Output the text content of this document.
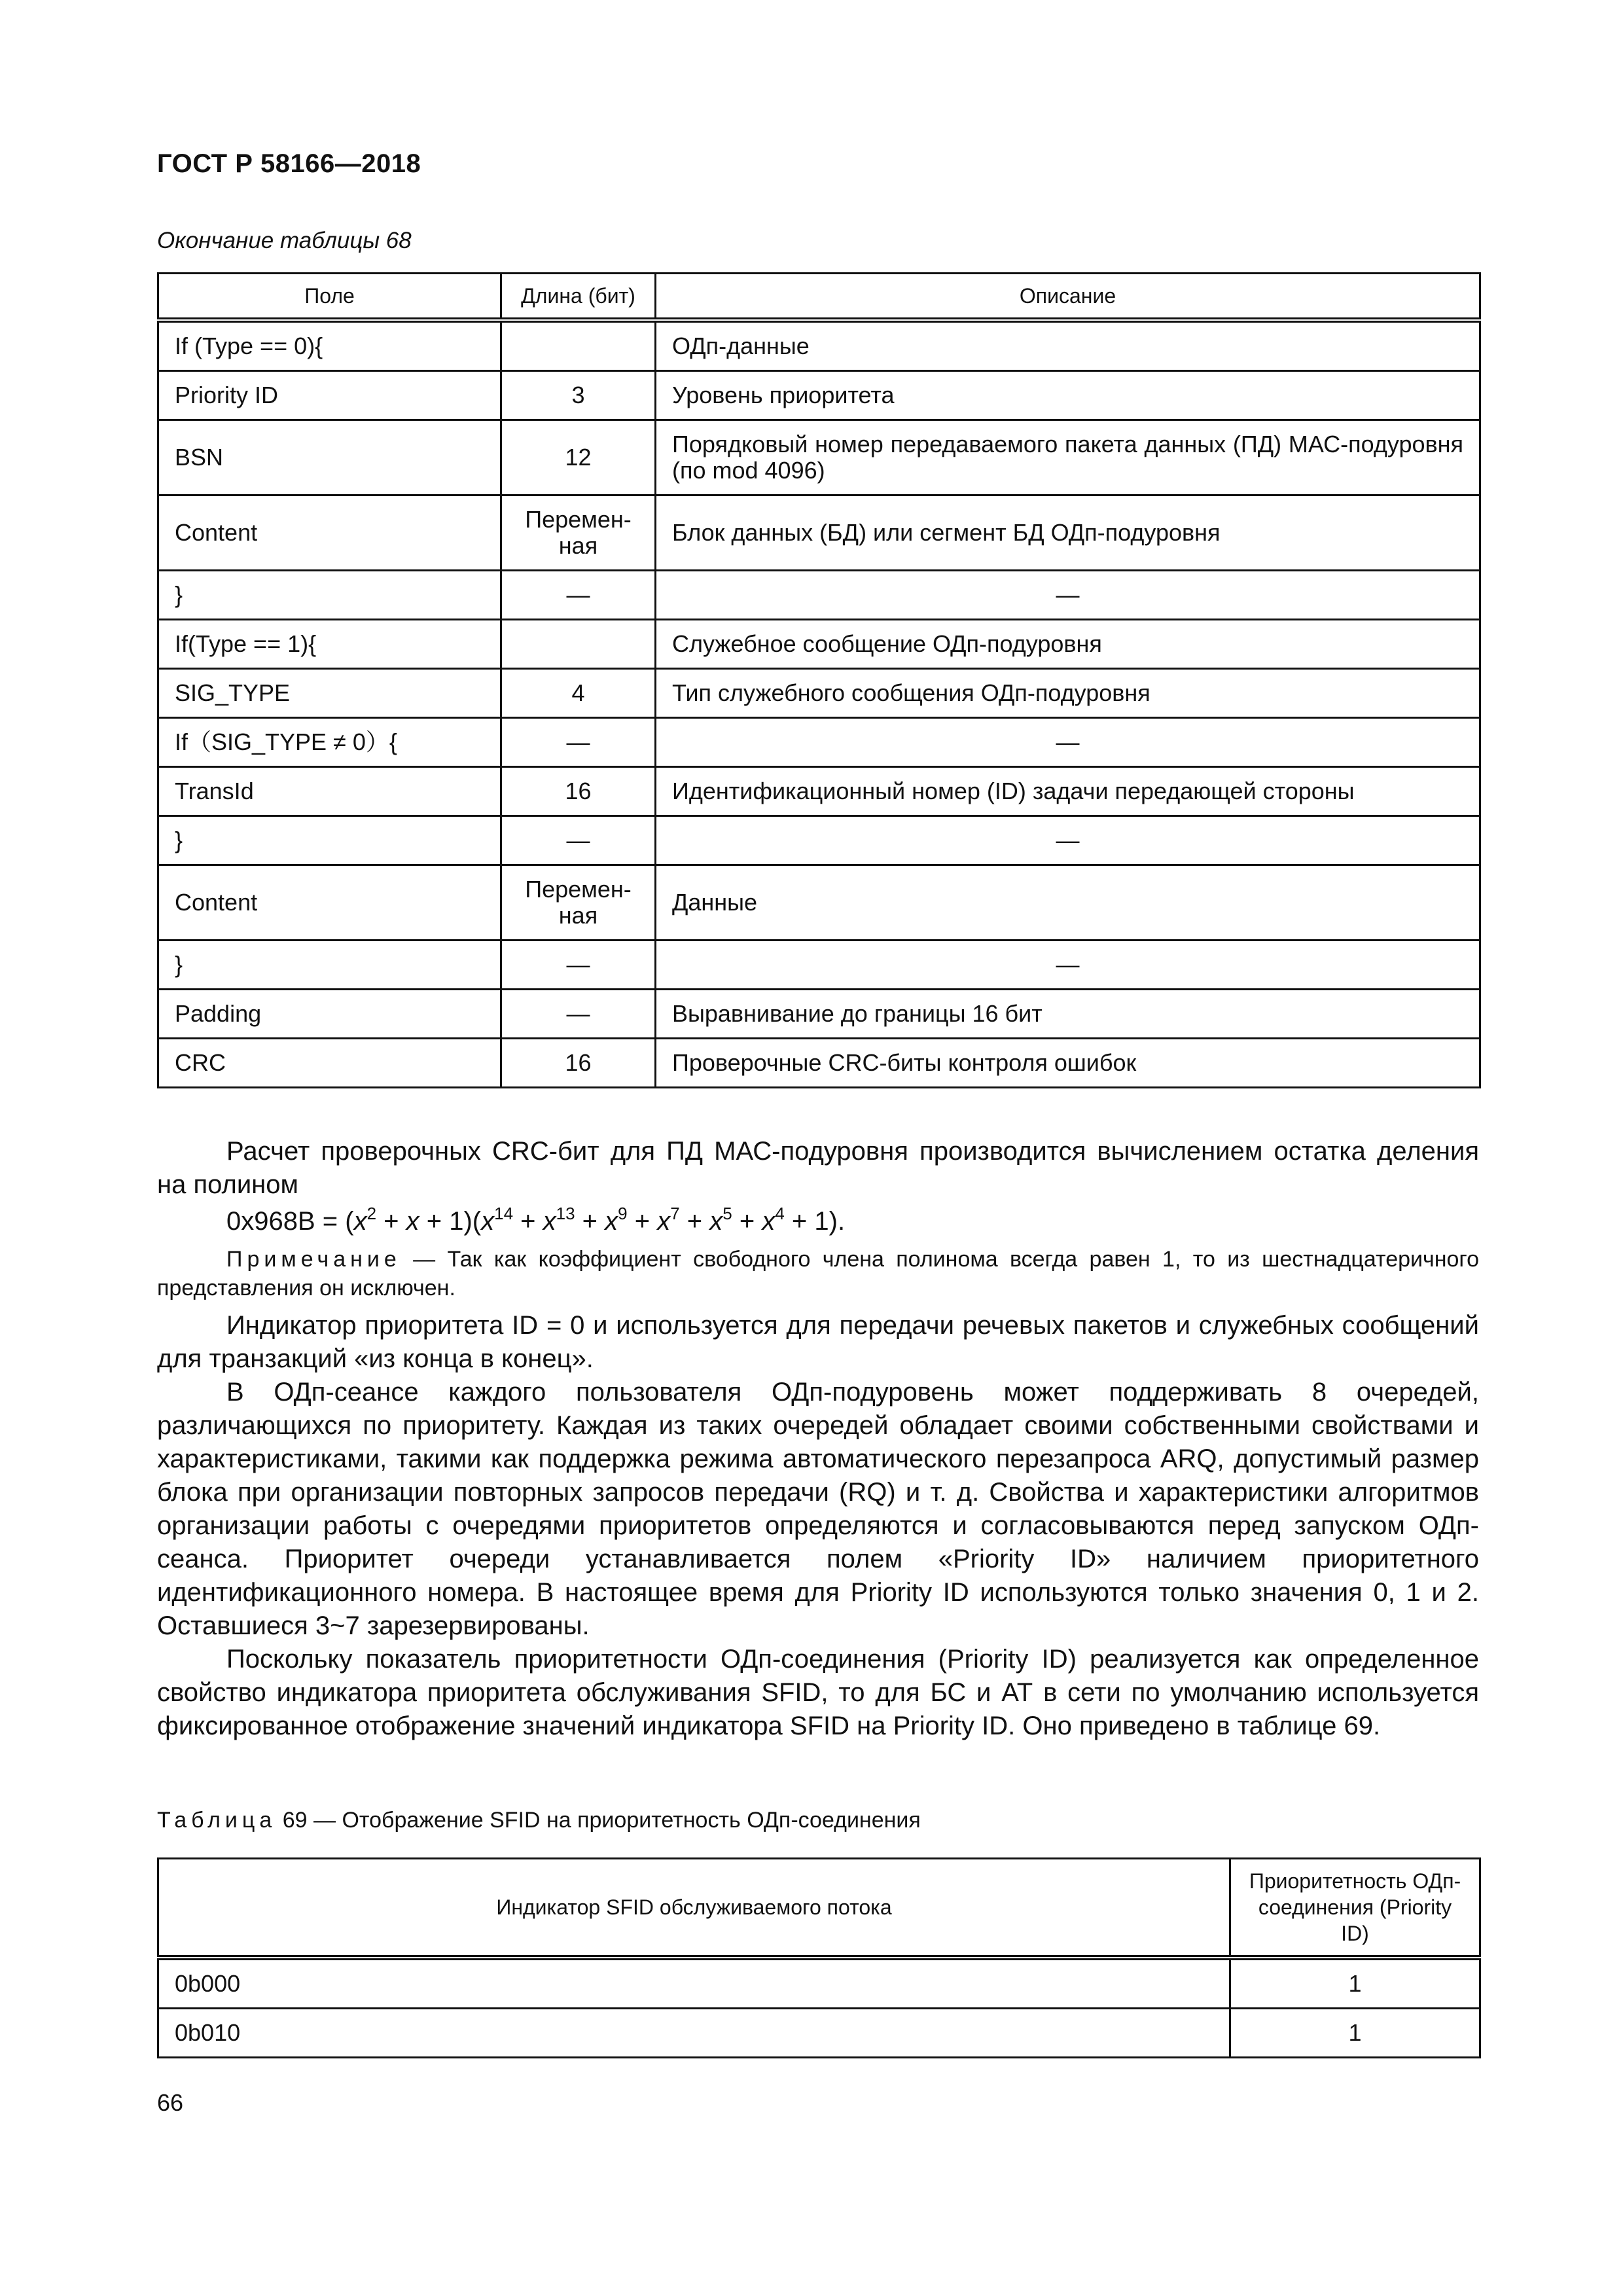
ГОСТ Р 58166—2018
Окончание таблицы 68
Поле	Длина (бит)	Описание
If (Type == 0){		ОДп-данные
Priority ID	3	Уровень приоритета
BSN	12	Порядковый номер передаваемого пакета данных (ПД) МАС-подуровня (по mod 4096)
Content	Перемен-ная	Блок данных (БД) или сегмент БД ОДп-подуровня
}	—	—
If(Type == 1){		Служебное сообщение ОДп-подуровня
SIG_TYPE	4	Тип служебного сообщения ОДп-подуровня
If（SIG_TYPE ≠ 0）{	—	—
TransId	16	Идентификационный номер (ID) задачи передающей стороны
}	—	—
Content	Перемен-ная	Данные
}	—	—
Padding	—	Выравнивание до границы 16 бит
CRC	16	Проверочные CRC-биты контроля ошибок

Расчет проверочных CRC-бит для ПД МАС-подуровня производится вычислением остатка деления на полином

$0x968B = (x^2 + x + 1)(x^{14} + x^{13} + x^9 + x^7 + x^5 + x^4 + 1)$.

Примечание — Так как коэффициент свободного члена полинома всегда равен 1, то из шестнадцатеричного представления он исключен.

Индикатор приоритета ID = 0 и используется для передачи речевых пакетов и служебных сообщений для транзакций «из конца в конец».

В ОДп-сеансе каждого пользователя ОДп-подуровень может поддерживать 8 очередей, различающихся по приоритету. Каждая из таких очередей обладает своими собственными свойствами и характеристиками, такими как поддержка режима автоматического перезапроса ARQ, допустимый размер блока при организации повторных запросов передачи (RQ) и т. д. Свойства и характеристики алгоритмов организации работы с очередями приоритетов определяются и согласовываются перед запуском ОДп-сеанса. Приоритет очереди устанавливается полем «Priority ID» наличием приоритетного идентификационного номера. В настоящее время для Priority ID используются только значения 0, 1 и 2. Оставшиеся 3~7 зарезервированы.

Поскольку показатель приоритетности ОДп-соединения (Priority ID) реализуется как определенное свойство индикатора приоритета обслуживания SFID, то для БС и АТ в сети по умолчанию используется фиксированное отображение значений индикатора SFID на Priority ID. Оно приведено в таблице 69.

Таблица 69 — Отображение SFID на приоритетность ОДп-соединения
Индикатор SFID обслуживаемого потока	Приоритетность ОДп-соединения (Priority ID)
0b000	1
0b010	1
66
